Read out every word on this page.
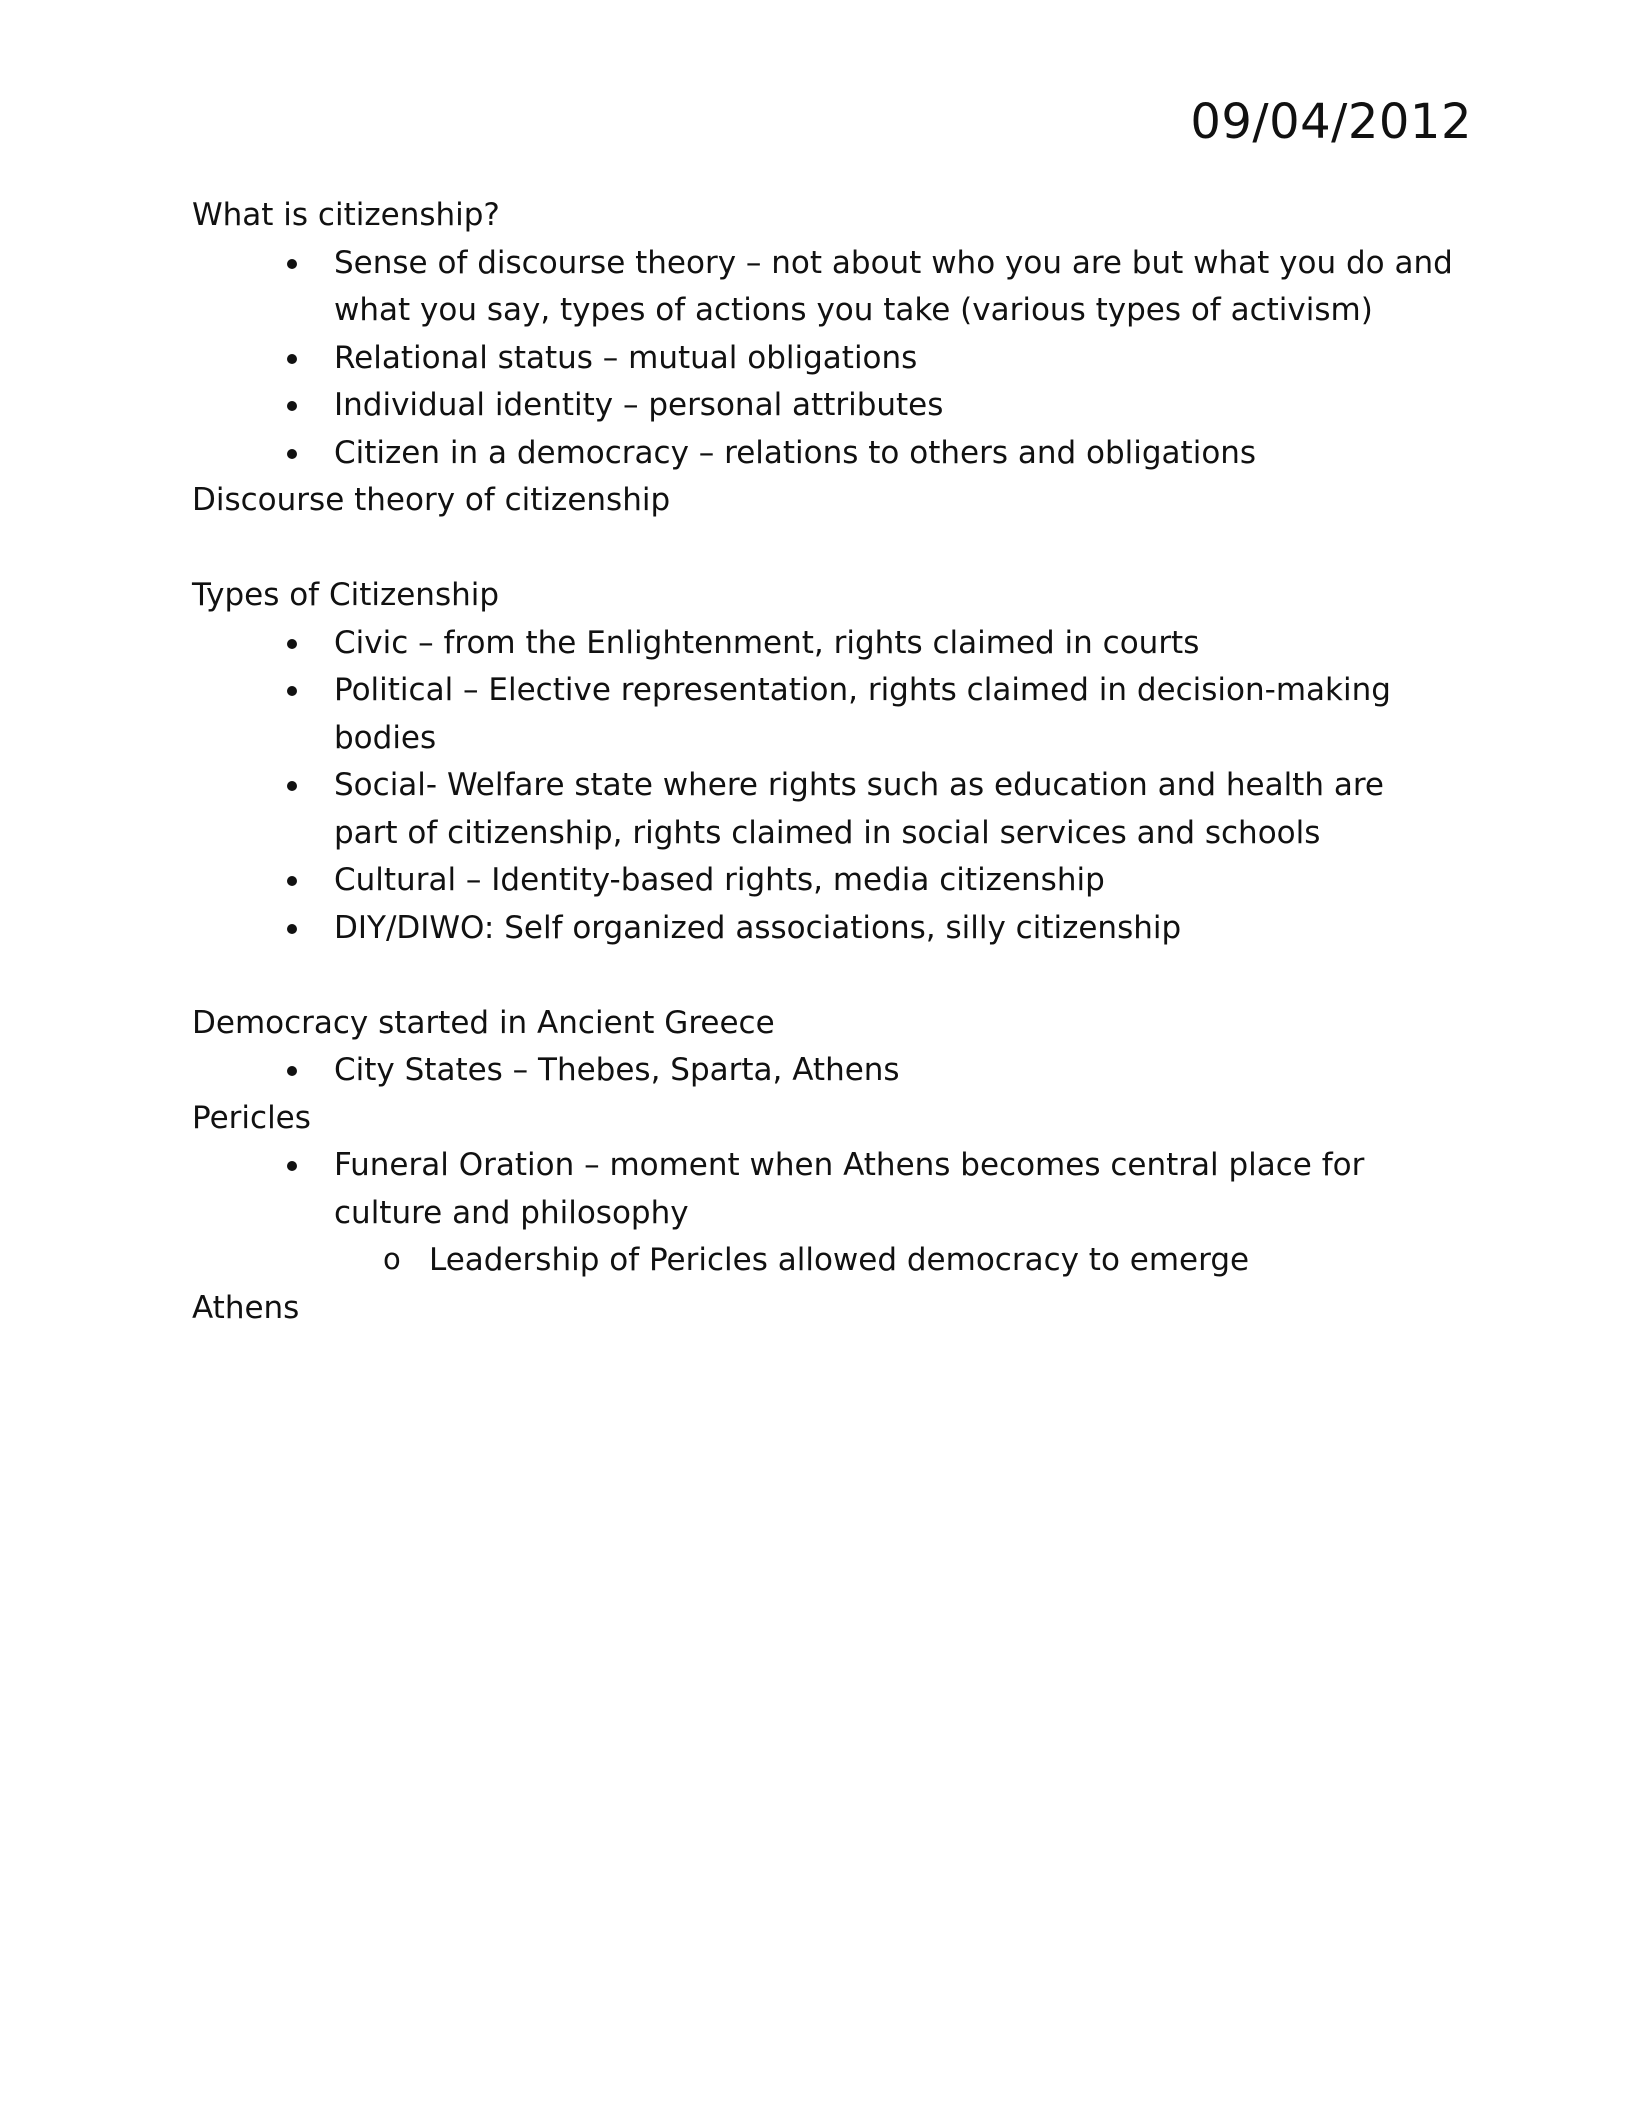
09/04/2012

What is citizenship?

Sense of discourse theory – not about who you are but what you do and what you say, types of actions you take (various types of activism)
Relational status – mutual obligations
Individual identity – personal attributes
Citizen in a democracy – relations to others and obligations

Discourse theory of citizenship

Types of Citizenship

Civic – from the Enlightenment, rights claimed in courts
Political – Elective representation, rights claimed in decision-making bodies
Social- Welfare state where rights such as education and health are part of citizenship, rights claimed in social services and schools
Cultural – Identity-based rights, media citizenship
DIY/DIWO: Self organized associations, silly citizenship

Democracy started in Ancient Greece

City States – Thebes, Sparta, Athens

Pericles

Funeral Oration – moment when Athens becomes central place for culture and philosophy
o Leadership of Pericles allowed democracy to emerge

Athens
